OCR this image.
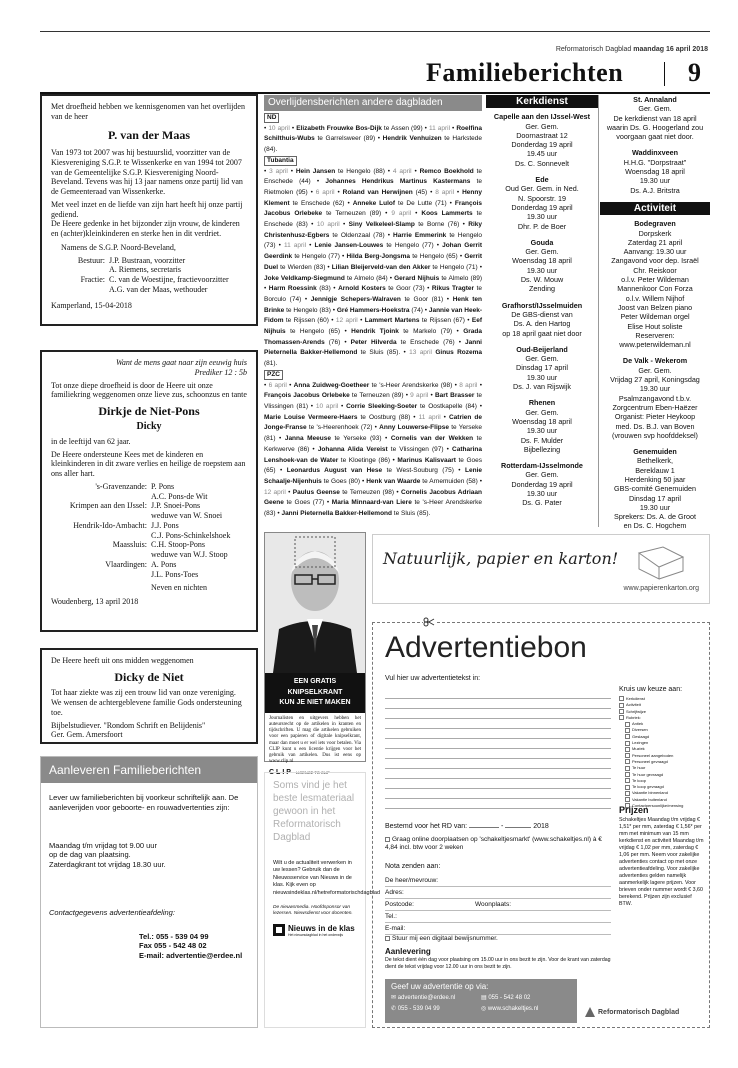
Reformatorisch Dagblad maandag 16 april 2018
Familieberichten 9

Met droefheid hebben we kennisgenomen van het overlijden van de heer

P. van der Maas

Van 1973 tot 2007 was hij bestuurslid, voorzitter van de Kiesvereniging S.G.P. te Wissenkerke en van 1994 tot 2007 van de Gemeentelijke S.G.P. Kiesvereniging Noord-Beveland. Tevens was hij 13 jaar namens onze partij lid van de Gemeenteraad van Wissenkerke.

Met veel inzet en de liefde van zijn hart heeft hij onze partij gediend.

De Heere gedenke in het bijzonder zijn vrouw, de kinderen en (achter)kleinkinderen en sterke hen in dit verdriet.

Namens de S.G.P. Noord-Beveland,

Bestuur: J.P. Bustraan, voorzitter
A. Riemens, secretaris
Fractie: C. van de Woestijne, fractievoorzitter
A.G. van der Maas, wethouder

Kamperland, 15-04-2018

Want de mens gaat naar zijn eeuwig huis

Prediker 12 : 5b

Tot onze diepe droefheid is door de Heere uit onze familiekring weggenomen onze lieve zus, schoonzus en tante

Dirkje de Niet-Pons
Dicky

in de leeftijd van 62 jaar.

De Heere ondersteune Kees met de kinderen en kleinkinderen in dit zware verlies en heilige de roepstem aan ons aller hart.

's-Gravenzande: P. Pons
A.C. Pons-de Wit
Krimpen aan den IJssel: J.P. Snoei-Pons
weduwe van W. Snoei
Hendrik-Ido-Ambacht: J.J. Pons
C.J. Pons-Schinkelshoek
Maassluis: C.H. Stoop-Pons
weduwe van W.J. Stoop
Vlaardingen: A. Pons
J.L. Pons-Toes

Neven en nichten

Woudenberg, 13 april 2018

De Heere heeft uit ons midden weggenomen

Dicky de Niet

Tot haar ziekte was zij een trouw lid van onze vereniging. We wensen de achtergeblevene familie Gods ondersteuning toe.

Bijbelstudiever. "Rondom Schrift en Belijdenis"

Ger. Gem. Amersfoort

Aanleveren Familieberichten

Lever uw familieberichten bij voorkeur schriftelijk aan. De aanleverijden voor geboorte- en rouwadvertenties zijn:

Maandag t/m vrijdag tot 9.00 uur
op de dag van plaatsing.
Zaterdagkrant tot vrijdag 18.30 uur.

Contactgegevens advertentieafdeling:

Tel.: 055 - 539 04 99

Fax 055 - 542 48 02

E-mail: advertentie@erdee.nl

Overlijdensberichten andere dagbladen
ND
• 10 april • Elizabeth Frouwke Bos-Dijk te Assen (99) • 11 april • Roelfina Schilthuis-Wubs te Garrelsweer (89) • Hendrik Venhuizen te Harkstede (84).
Tubantia
• 3 april • Hein Jansen te Hengelo (88) • 4 april • Remco Boekhold te Enschede (44) • Johannes Hendrikus Martinus Kastermans te Rietmolen (95) • 6 april • Roland van Herwijnen (45) • 8 april • Henny Klement te Enschede (62) • Anneke Lulof te De Lutte (71) • François Jacobus Orlebeke te Terneuzen (89) • 9 april • Koos Lammerts te Enschede (83) • 10 april • Siny Velkeleel-Slamp te Borne (76) • Riky Christenhusz-Egbers te Oldenzaal (78) • Harrie Emmerink te Hengelo (73) • 11 april • Lenie Jansen-Louwes te Hengelo (77) • Johan Gerrit Geerdink te Hengelo (77) • Hilda Berg-Jongsma te Hengelo (65) • Gerrit Duel te Wierden (83) • Lilian Bleijerveld-van den Akker te Hengelo (71) • Joke Veldkamp-Siegmund te Almelo (84) • Gerard Nijhuis te Almelo (89) • Harm Roessink (83) • Arnold Kosters te Goor (73) • Rikus Tragter te Borculo (74) • Jennigje Schepers-Walraven te Goor (81) • Henk ten Brinke te Hengelo (83) • Gré Hammers-Hoekstra (74) • Jannie van Heek-Fidom te Rijssen (60) • 12 april • Lammert Martens te Rijssen (67) • Eef Nijhuis te Hengelo (65) • Hendrik Tjoink te Markelo (79) • Grada Thomassen-Arends (76) • Peter Hilverda te Enschede (76) • Janni Pieternella Bakker-Hellemond te Sluis (85). • 13 april Ginus Rozema (81).
PZC
• 6 april • Anna Zuidweg-Goetheer te 's-Heer Arendskerke (98) • 8 april • François Jacobus Orlebeke te Terneuzen (89) • 9 april • Bart Brasser te Vlissingen (81) • 10 april • Corrie Sleeking-Soeter te Oostkapelle (84) • Marie Louise Vermeere-Haers te Oostburg (88) • 11 april • Catrien de Jonge-Franse te 's-Heerenhoek (72) • Anny Louwerse-Flipse te Yerseke (81) • Janna Meeuse te Yerseke (93) • Cornelis van der Wekken te Kerkwerve (86) • Johanna Alida Vereist te Vlissingen (97) • Catharina Lenshoek-van de Water te Kloetinge (86) • Marinus Kalisvaart te Goes (65) • Leonardus August van Hese te West-Souburg (75) • Lenie Schaalje-Nijenhuis te Goes (80) • Henk van Waarde te Arnemuiden (58) • 12 april • Paulus Geense te Terneuzen (98) • Cornelis Jacobus Adriaan Geene te Goes (77) • Maria Minnaard-van Liere te 's-Heer Arendskerke (83) • Janni Pieternella Bakker-Hellemond te Sluis (85).
Kerkdienst
Capelle aan den IJssel-West
Ger. Gem.
Doornastraat 12
Donderdag 19 april
19.45 uur
Ds. C. Sonnevelt
Ede
Oud Ger. Gem. in Ned.
N. Spoorstr. 19
Donderdag 19 april
19.30 uur
Dhr. P. de Boer
Gouda
Ger. Gem.
Woensdag 18 april
19.30 uur
Ds. W. Mouw
Zending
Grafhorst/IJsselmuiden
De GBS-dienst van
Ds. A. den Hartog
op 18 april gaat niet door
Oud-Beijerland
Ger. Gem.
Dinsdag 17 april
19.30 uur
Ds. J. van Rijswijk
Rhenen
Ger. Gem.
Woensdag 18 april
19.30 uur
Ds. F. Mulder
Bijbellezing
Rotterdam-IJsselmonde
Ger. Gem.
Donderdag 19 april
19.30 uur
Ds. G. Pater
St. Annaland
Ger. Gem.
De kerkdienst van 18 april
waarin Ds. G. Hoogerland zou
voorgaan gaat niet door.
Waddinxveen
H.H.G. "Dorpstraat"
Woensdag 18 april
19.30 uur
Ds. A.J. Britstra
Activiteit
Bodegraven
Dorpskerk
Zaterdag 21 april
Aanvang: 19.30 uur
Zangavond voor dep. Israël
Chr. Reiskoor
o.l.v. Peter Wildeman
Mannenkoor Con Forza
o.l.v. Willem Nijhof
Joost van Belzen piano
Peter Wildeman orgel
Elise Hout soliste
Reserveren:
www.peterwildeman.nl
De Valk - Wekerom
Ger. Gem.
Vrijdag 27 april, Koningsdag
19.30 uur
Psalmzangavond t.b.v.
Zorgcentrum Eben-Haëzer
Organist: Pieter Heykoop
med. Ds. B.J. van Boven
(vrouwen svp hoofddeksel)
Genemuiden
Bethelkerk,
Bereklauw 1
Herdenking 50 jaar
GBS-comité Genemuiden
Dinsdag 17 april
19.30 uur
Sprekers: Ds. A. de Groot
en Ds. C. Hogchem
EEN GRATIS KNIPSELKRANT
KUN JE NIET MAKEN

Journalisten en uitgevers hebben het auteursrecht op de artikelen in kranten en tijdschriften. U mag die artikelen gebruiken voor een papieren of digitale knipselkrant, maar dan moet u er wel iets voor betalen. Via CLIP kunt u een licentie krijgen voor het gebruik van artikelen. Dus ist eens op www.clip.nl

CLIP LICENCE TO CLIP
Natuurlijk, papier en karton!
www.papierenkarton.org

Soms vind je het beste lesmateriaal gewoon in het Reformatorisch Dagblad

Wilt u de actualiteit verwerken in uw lessen? Gebruik dan de Nieuwsservice van Nieuws in de klas. Kijk even op nieuwsindeklas.nl/hetreformatorischdagblad

De nieuwsmedia. Hoofdsponsor van lezersen. Niewsdienst voor docenten.

Nieuws in de klas
Het nieuwsdagblad in het onderwijs
Advertentiebon
Vul hier uw advertentietekst in:
Kruis uw keuze aan:
Kerkdienst
Activiteit
Schrijfwijze
Rubriek:
Antiek
Diversen
Geslaagd
Lezingen
Muziek
Personeel aangeboden
Personeel gevraagd
Te huur
Te huur gevraagd
Te koop
Te koop gevraagd
Vakantie binnenland
Vakantie buitenland
Contactpersoonlijke/mensing
Bestemd voor het RD van:	-	2018
Graag online doorplaatsen op 'schakeltjesmarkt' (www.schakeltjes.nl) à € 4,84 incl. btw voor 2 weken
Nota zenden aan:
De heer/mevrouw:
Adres:
Postcode:	Woonplaats:
Tel.:
E-mail:
Stuur mij een digitaal bewijsnummer.
Aanlevering
De tekst dient één dag voor plaatsing om 15.00 uur in ons bezit te zijn. Voor de krant van zaterdag dient de tekst vrijdag voor 12.00 uur in ons bezit te zijn.
Prijzen
Schakeltjes Maandag t/m vrijdag € 1,51* per mm, zaterdag € 1,56* per mm met minimum van 15 mm kerkdienst en activiteit Maandag t/m vrijdag € 1,02 per mm, zaterdag € 1,06 per mm. Neem voor zakelijke advertenties contact op met onze advertentieafdeling. Voor zakelijke advertenties gelden namelijk aanmerkelijk lagere prijzen. Voor brieven onder nummer wordt € 3,60 berekend. Prijzen zijn exclusief BTW.
Geef uw advertentie op via:
✉ advertentie@erdee.nl	▤ 055 - 542 48 02
✆ 055 - 539 04 99	◎ www.schakeltjes.nl	Reformatorisch Dagblad
